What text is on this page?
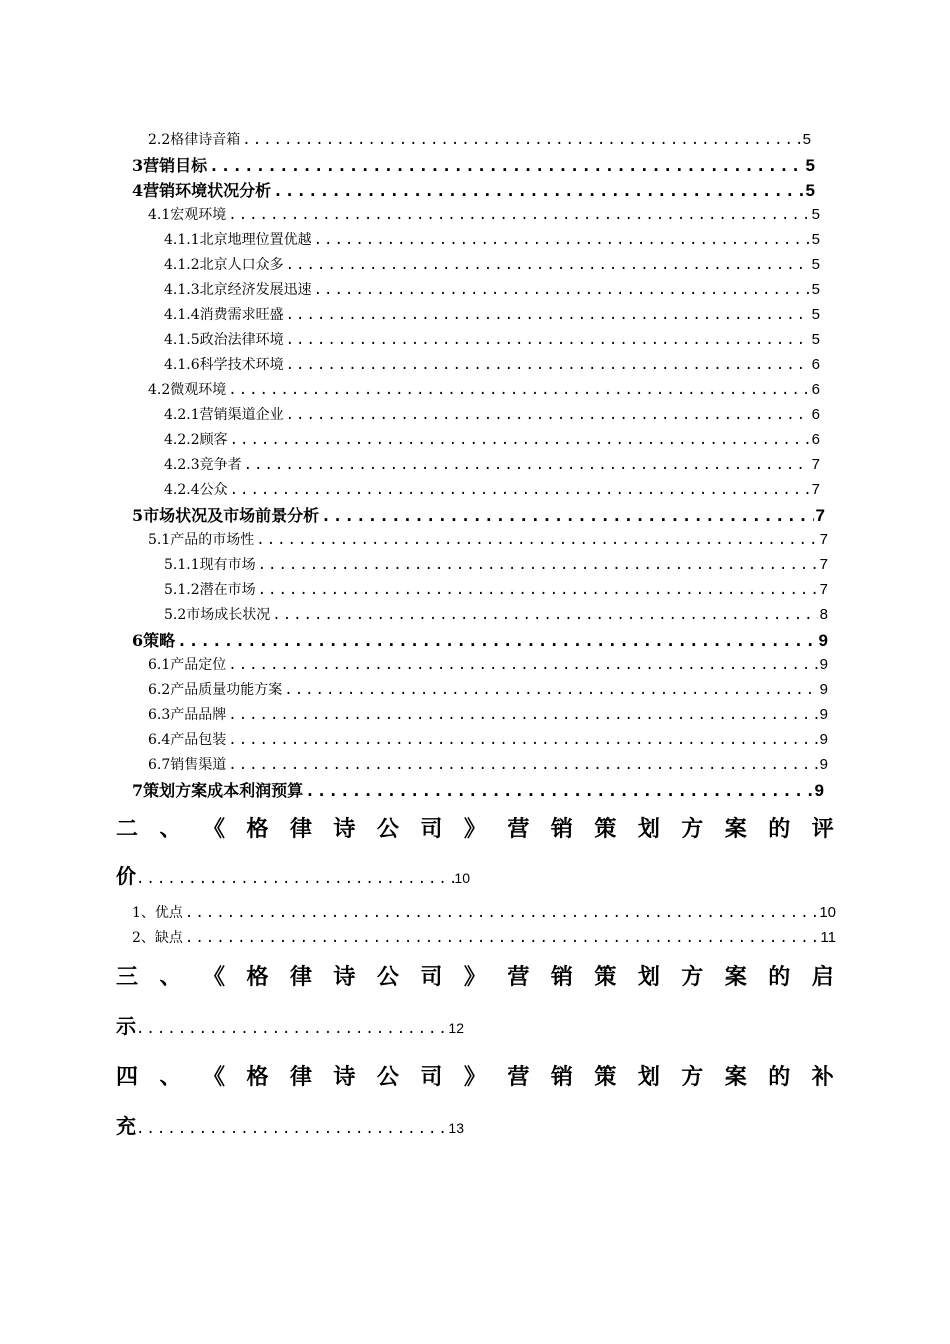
2.2格律诗音箱 .....	5
3营销目标 .....	5
4营销环境状况分析 .....	5
4.1宏观环境 .....	5
4.1.1北京地理位置优越 .....	5
4.1.2北京人口众多 .....	5
4.1.3北京经济发展迅速 .....	5
4.1.4消费需求旺盛 .....	5
4.1.5政治法律环境 .....	5
4.1.6科学技术环境 .....	6
4.2微观环境 .....	6
4.2.1营销渠道企业 .....	6
4.2.2顾客 .....	6
4.2.3竞争者 .....	7
4.2.4公众 .....	7
5市场状况及市场前景分析 .....	7
5.1产品的市场性 .....	7
5.1.1现有市场 .....	7
5.1.2潜在市场 .....	7
5.2市场成长状况 .....	8
6策略 .....	9
6.1产品定位 .....	9
6.2产品质量功能方案 .....	9
6.3产品品牌 .....	9
6.4产品包装 .....	9
6.7销售渠道 .....	9
7策划方案成本利润预算 .....	9
二 、 《 格 律 诗 公 司 》 营 销 策 划 方 案 的 评
价 .....	10
1、优点 .....	10
2、缺点 .....	11
三 、 《 格 律 诗 公 司 》 营 销 策 划 方 案 的 启
示 .....	12
四 、 《 格 律 诗 公 司 》 营 销 策 划 方 案 的 补
充 .....	13
